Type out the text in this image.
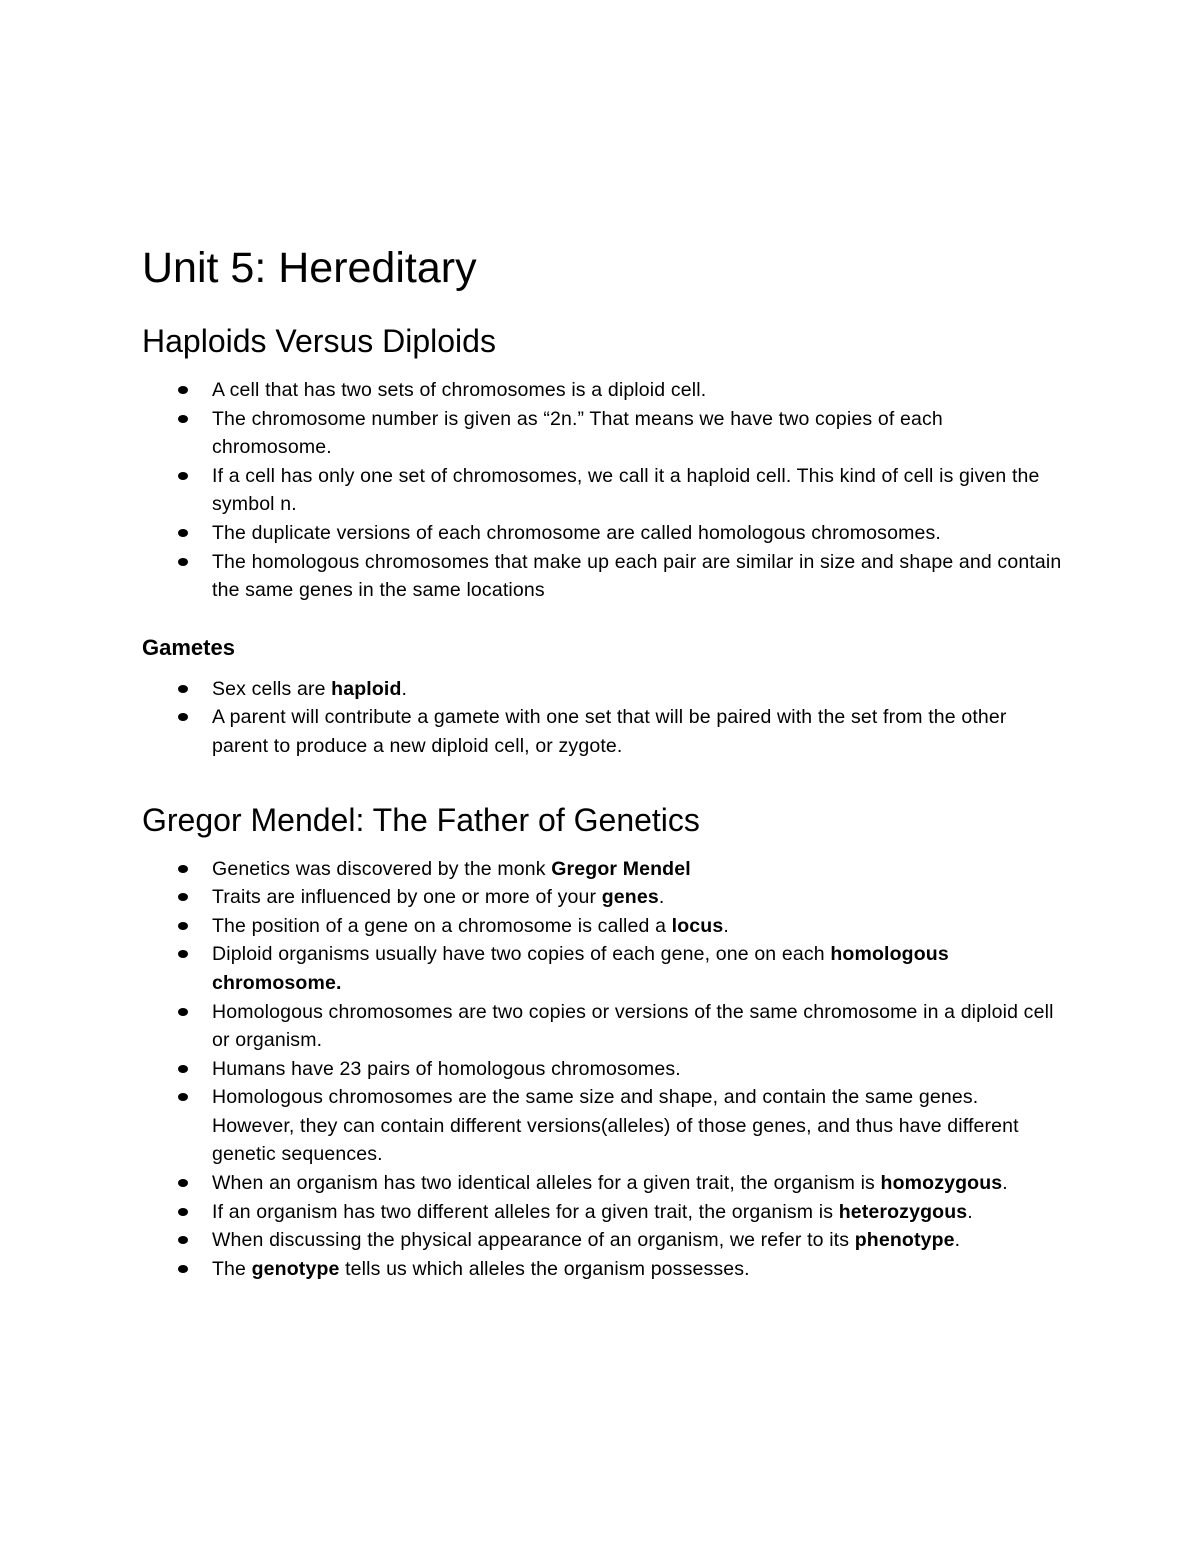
Unit 5: Hereditary
Haploids Versus Diploids
A cell that has two sets of chromosomes is a diploid cell.
The chromosome number is given as “2n.” That means we have two copies of each chromosome.
If a cell has only one set of chromosomes, we call it a haploid cell. This kind of cell is given the symbol n.
The duplicate versions of each chromosome are called homologous chromosomes.
The homologous chromosomes that make up each pair are similar in size and shape and contain the same genes in the same locations
Gametes
Sex cells are haploid.
A parent will contribute a gamete with one set that will be paired with the set from the other parent to produce a new diploid cell, or zygote.
Gregor Mendel: The Father of Genetics
Genetics was discovered by the monk Gregor Mendel
Traits are influenced by one or more of your genes.
The position of a gene on a chromosome is called a locus.
Diploid organisms usually have two copies of each gene, one on each homologous chromosome.
Homologous chromosomes are two copies or versions of the same chromosome in a diploid cell or organism.
Humans have 23 pairs of homologous chromosomes.
Homologous chromosomes are the same size and shape, and contain the same genes. However, they can contain different versions(alleles) of those genes, and thus have different genetic sequences.
When an organism has two identical alleles for a given trait, the organism is homozygous.
If an organism has two different alleles for a given trait, the organism is heterozygous.
When discussing the physical appearance of an organism, we refer to its phenotype.
The genotype tells us which alleles the organism possesses.
